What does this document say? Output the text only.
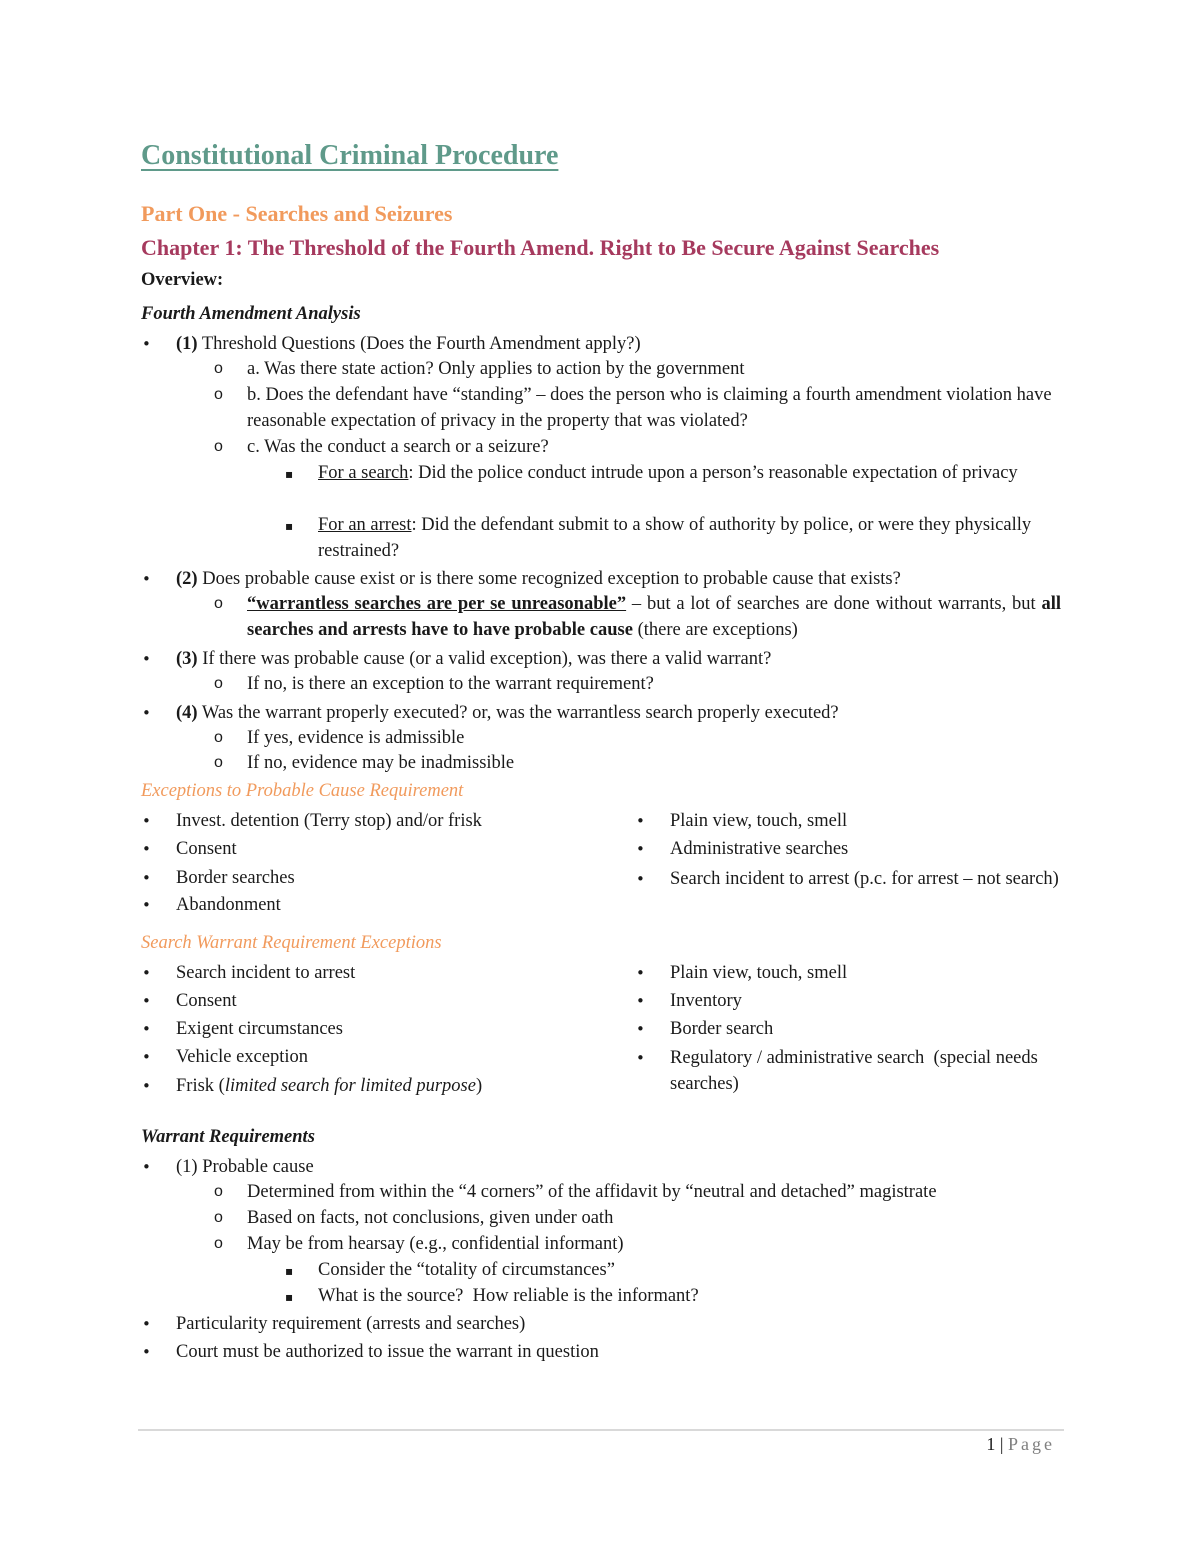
Constitutional Criminal Procedure
Part One - Searches and Seizures
Chapter 1: The Threshold of the Fourth Amend. Right to Be Secure Against Searches
Overview:
Fourth Amendment Analysis
• (1) Threshold Questions (Does the Fourth Amendment apply?)
o a. Was there state action? Only applies to action by the government
o b. Does the defendant have “standing” – does the person who is claiming a fourth amendment violation have reasonable expectation of privacy in the property that was violated?
o c. Was the conduct a search or a seizure?
▪ For a search: Did the police conduct intrude upon a person’s reasonable expectation of privacy
▪ For an arrest: Did the defendant submit to a show of authority by police, or were they physically restrained?
• (2) Does probable cause exist or is there some recognized exception to probable cause that exists?
o “warrantless searches are per se unreasonable” – but a lot of searches are done without warrants, but all searches and arrests have to have probable cause (there are exceptions)
• (3) If there was probable cause (or a valid exception), was there a valid warrant?
o If no, is there an exception to the warrant requirement?
• (4) Was the warrant properly executed? or, was the warrantless search properly executed?
o If yes, evidence is admissible
o If no, evidence may be inadmissible
Exceptions to Probable Cause Requirement
• Invest. detention (Terry stop) and/or frisk
• Consent
• Border searches
• Abandonment
• Plain view, touch, smell
• Administrative searches
• Search incident to arrest (p.c. for arrest – not search)
Search Warrant Requirement Exceptions
• Search incident to arrest
• Consent
• Exigent circumstances
• Vehicle exception
• Frisk (limited search for limited purpose)
• Plain view, touch, smell
• Inventory
• Border search
• Regulatory / administrative search  (special needs searches)
Warrant Requirements
• (1) Probable cause
o Determined from within the “4 corners” of the affidavit by “neutral and detached” magistrate
o Based on facts, not conclusions, given under oath
o May be from hearsay (e.g., confidential informant)
▪ Consider the “totality of circumstances”
▪ What is the source?  How reliable is the informant?
• Particularity requirement (arrests and searches)
• Court must be authorized to issue the warrant in question
1 | Page
